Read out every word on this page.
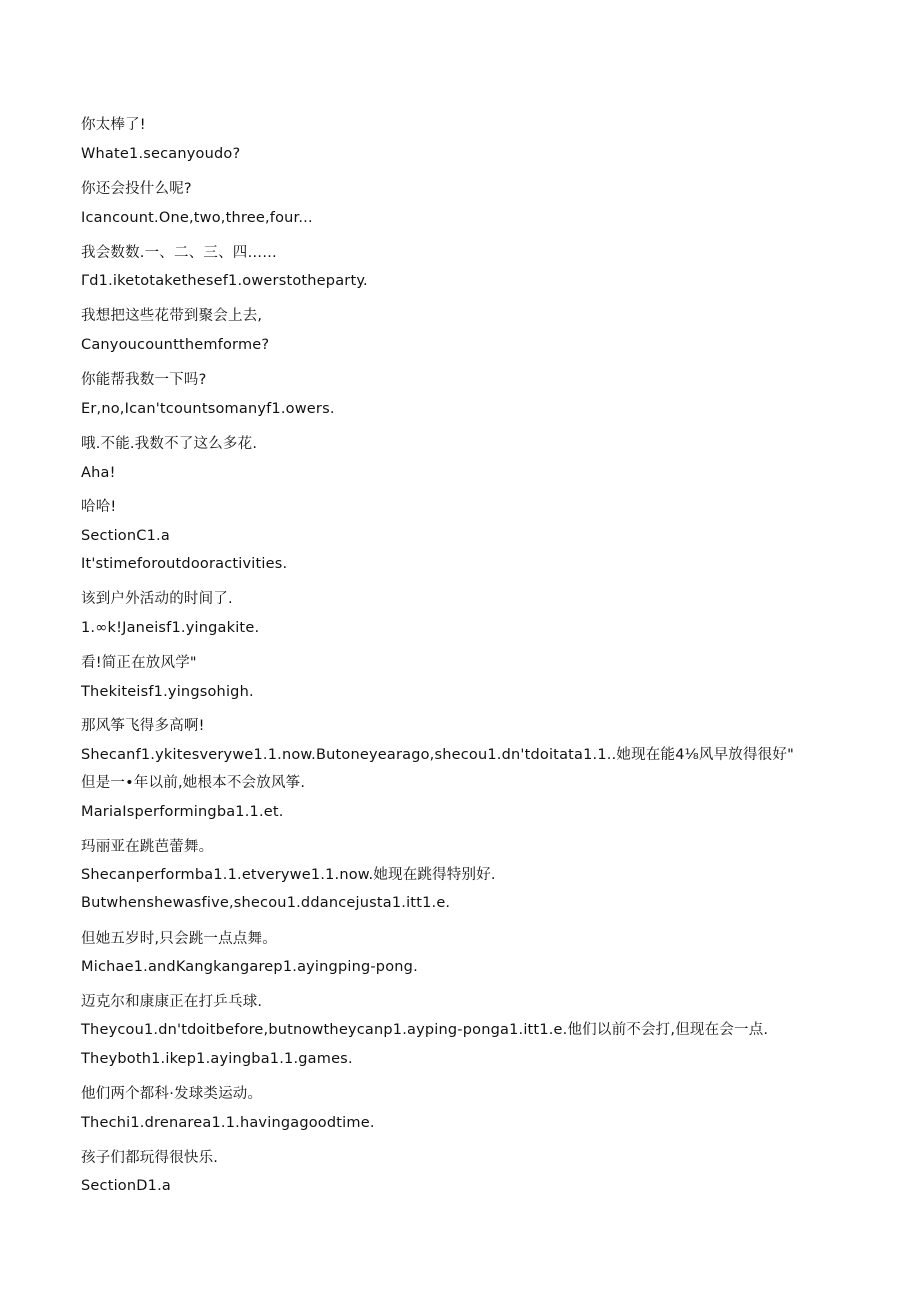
你太棒了!
Whate1.secanyoudo?
你还会投什么呢?
Icancount.One,two,three,four...
我会数数.一、二、三、四……
Γd1.iketotakethesef1.owerstotheparty.
我想把这些花带到聚会上去,
Canyoucountthemforme?
你能帮我数一下吗?
Er,no,Ican'tcountsomanyf1.owers.
哦.不能.我数不了这么多花.
Aha!
哈哈!
SectionC1.a
It'stimeforoutdooractivities.
该到户外活动的时间了.
1.∞k!Janeisf1.yingakite.
看!简正在放风学"
Thekiteisf1.yingsohigh.
那风筝飞得多高啊!
Shecanf1.ykitesverywe1.1.now.Butoneyearago,shecou1.dn'tdoitata1.1..她现在能4⅛风早放得很好"
但是一•年以前,她根本不会放风筝.
MariaIsperformingba1.1.et.
玛丽亚在跳芭蕾舞。
Shecanperformba1.1.etverywe1.1.now.她现在跳得特别好.
Butwhenshewasfive,shecou1.ddancejusta1.itt1.e.
但她五岁时,只会跳一点点舞。
Michae1.andKangkangarep1.ayingping-pong.
迈克尔和康康正在打乒乓球.
Theycou1.dn'tdoitbefore,butnowtheycanp1.ayping-ponga1.itt1.e.他们以前不会打,但现在会一点.
Theyboth1.ikep1.ayingba1.1.games.
他们两个都科·发球类运动。
Thechi1.drenarea1.1.havingagoodtime.
孩子们都玩得很快乐.
SectionD1.a
